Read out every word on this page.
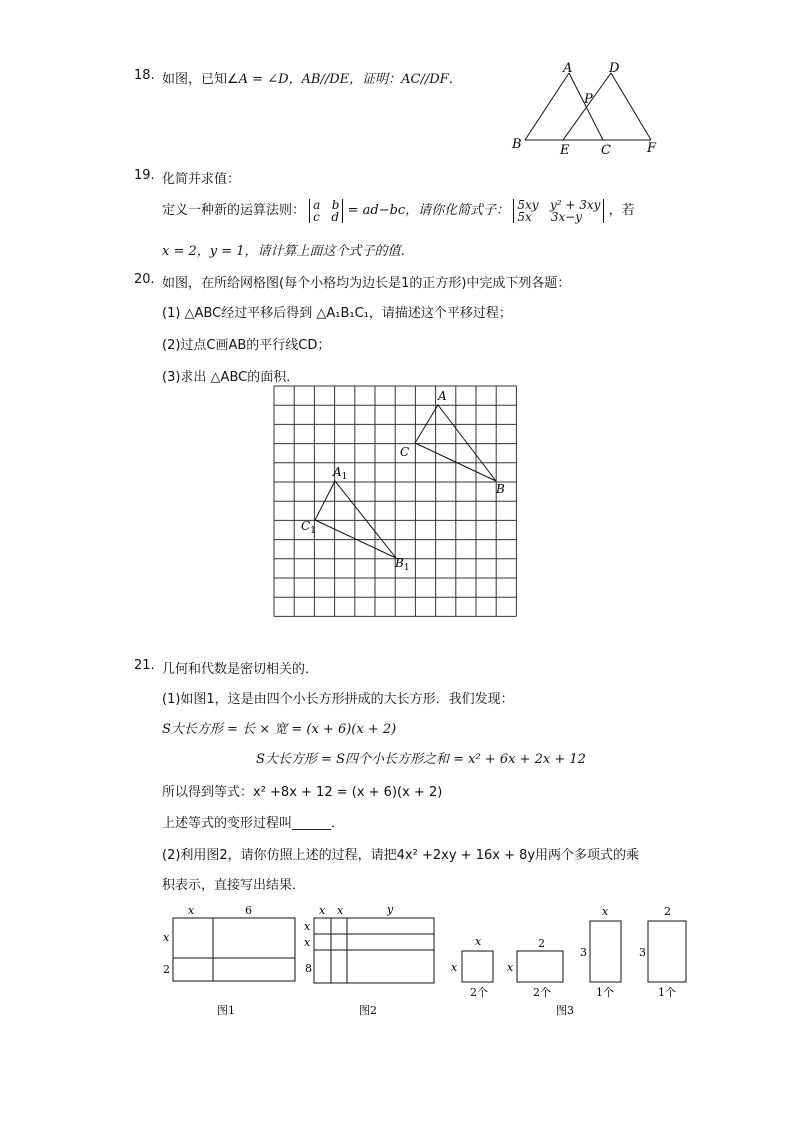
18. 如图，已知∠A = ∠D，AB//DE，证明：AC//DF．
A	D
P
B	E C	F
19. 化简并求值：
定义一种新的运算法则： a b
c d = ad−bc，请你化简式子： 5xy y² + 3xy
5x 3x−y	，若
x = 2，y = 1，请计算上面这个式子的值．
20. 如图，在所给网格图(每个小格均为边长是1的正方形)中完成下列各题：
(1) △ABC经过平移后得到 △A₁B₁C₁，请描述这个平移过程；
(2)过点C画AB的平行线CD；
(3)求出 △ABC的面积．
A
C
B
$A_1$
$C_1$
$B_1$
21. 几何和代数是密切相关的．
(1)如图1，这是由四个小长方形拼成的大长方形．我们发现：
S大长方形 = 长 × 宽 = (x + 6)(x + 2)
S大长方形 = S四个小长方形之和 = x² + 6x + 2x + 12
所以得到等式：x² +8x + 12 = (x + 6)(x + 2)
上述等式的变形过程叫______．
(2)利用图2，请你仿照上述的过程，请把4x² +2xy + 16x + 8y用两个多项式的乘
积表示，直接写出结果．
x	6
x
2
图1
x x	y
x
x
8
图2
x
x
2个
2
x
2个
x
3
1个
2
3
1个
图3
